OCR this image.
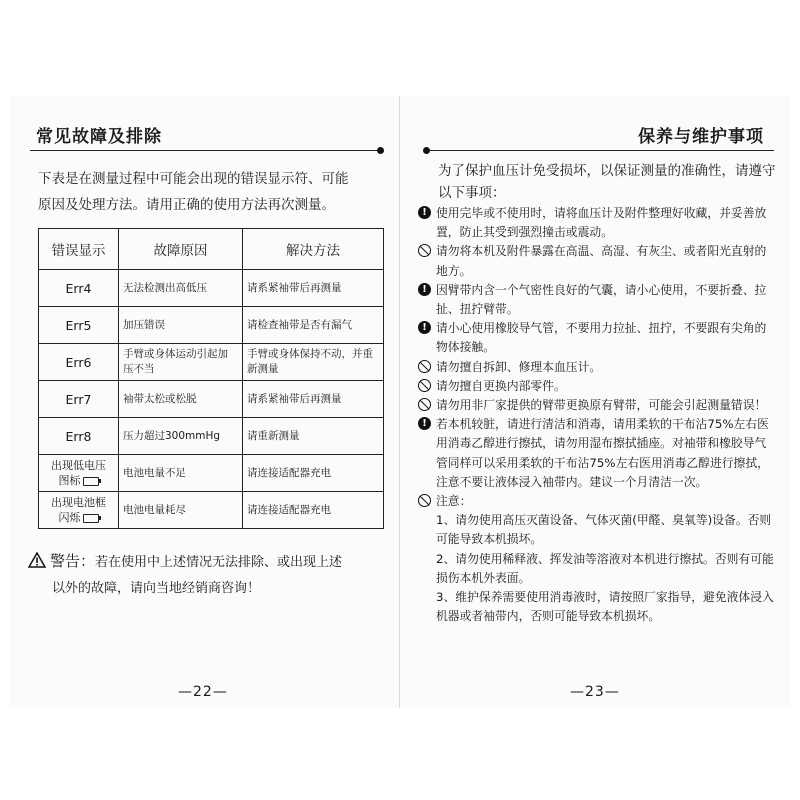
常见故障及排除
下表是在测量过程中可能会出现的错误显示符、可能
原因及处理方法。请用正确的使用方法再次测量。
错误显示	故障原因	解决方法
Err4	无法检测出高低压	请系紧袖带后再测量
Err5	加压错误	请检查袖带是否有漏气
Err6	手臂或身体运动引起加压不当	手臂或身体保持不动，并重新测量
Err7	袖带太松或松脱	请系紧袖带后再测量
Err8	压力超过300mmHg	请重新测量

出现低电压
图标	电池电量不足	请连接适配器充电

出现电池框
闪烁	电池电量耗尽	请连接适配器充电
警告：若在使用中上述情况无法排除、或出现上述
以外的故障，请向当地经销商咨询！
—22—
保养与维护事项
为了保护血压计免受损坏，以保证测量的准确性，请遵守以下事项：
! 使用完毕或不使用时，请将血压计及附件整理好收藏，并妥善放置，防止其受到强烈撞击或震动。
请勿将本机及附件暴露在高温、高湿、有灰尘、或者阳光直射的地方。
! 因臂带内含一个气密性良好的气囊，请小心使用，不要折叠、拉扯、扭拧臂带。
! 请小心使用橡胶导气管，不要用力拉扯、扭拧，不要跟有尖角的物体接触。
请勿擅自拆卸、修理本血压计。
请勿擅自更换内部零件。
请勿用非厂家提供的臂带更换原有臂带，可能会引起测量错误！
! 若本机较脏，请进行清洁和消毒，请用柔软的干布沾75%左右医用消毒乙醇进行擦拭，请勿用湿布擦拭插座。对袖带和橡胶导气管同样可以采用柔软的干布沾75%左右医用消毒乙醇进行擦拭，注意不要让液体浸入袖带内。建议一个月清洁一次。
注意：
1、请勿使用高压灭菌设备、气体灭菌(甲醛、臭氧等)设备。否则可能导致本机损坏。
2、请勿使用稀释液、挥发油等溶液对本机进行擦拭。否则有可能损伤本机外表面。
3、维护保养需要使用消毒液时，请按照厂家指导，避免液体浸入机器或者袖带内，否则可能导致本机损坏。
—23—
